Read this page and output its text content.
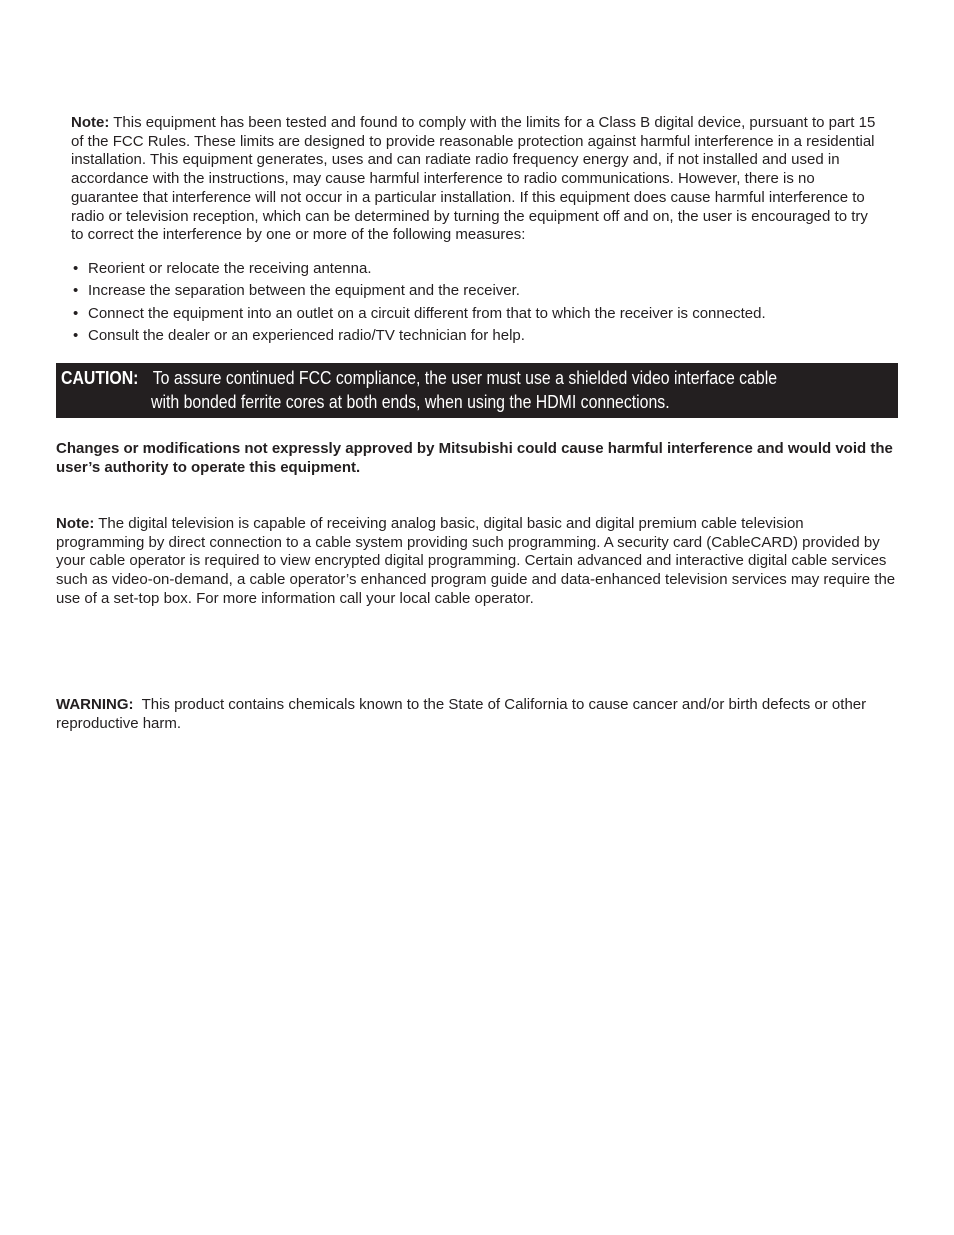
Note: This equipment has been tested and found to comply with the limits for a Class B digital device, pursuant to part 15 of the FCC Rules. These limits are designed to provide reasonable protection against harmful interference in a residential installation. This equipment generates, uses and can radiate radio frequency energy and, if not installed and used in accordance with the instructions, may cause harmful interference to radio communications. However, there is no guarantee that interference will not occur in a particular installation. If this equipment does cause harmful interference to radio or television reception, which can be determined by turning the equipment off and on, the user is encouraged to try to correct the interference by one or more of the following measures:
• Reorient or relocate the receiving antenna.
• Increase the separation between the equipment and the receiver.
• Connect the equipment into an outlet on a circuit different from that to which the receiver is connected.
• Consult the dealer or an experienced radio/TV technician for help.
CAUTION: To assure continued FCC compliance, the user must use a shielded video interface cable
with bonded ferrite cores at both ends, when using the HDMI connections.
Changes or modifications not expressly approved by Mitsubishi could cause harmful interference and would void the user’s authority to operate this equipment.
Note: The digital television is capable of receiving analog basic, digital basic and digital premium cable television programming by direct connection to a cable system providing such programming. A security card (CableCARD) provided by your cable operator is required to view encrypted digital programming. Certain advanced and interactive digital cable services such as video-on-demand, a cable operator’s enhanced program guide and data-enhanced television services may require the use of a set-top box. For more information call your local cable operator.
WARNING: This product contains chemicals known to the State of California to cause cancer and/or birth defects or other reproductive harm.
